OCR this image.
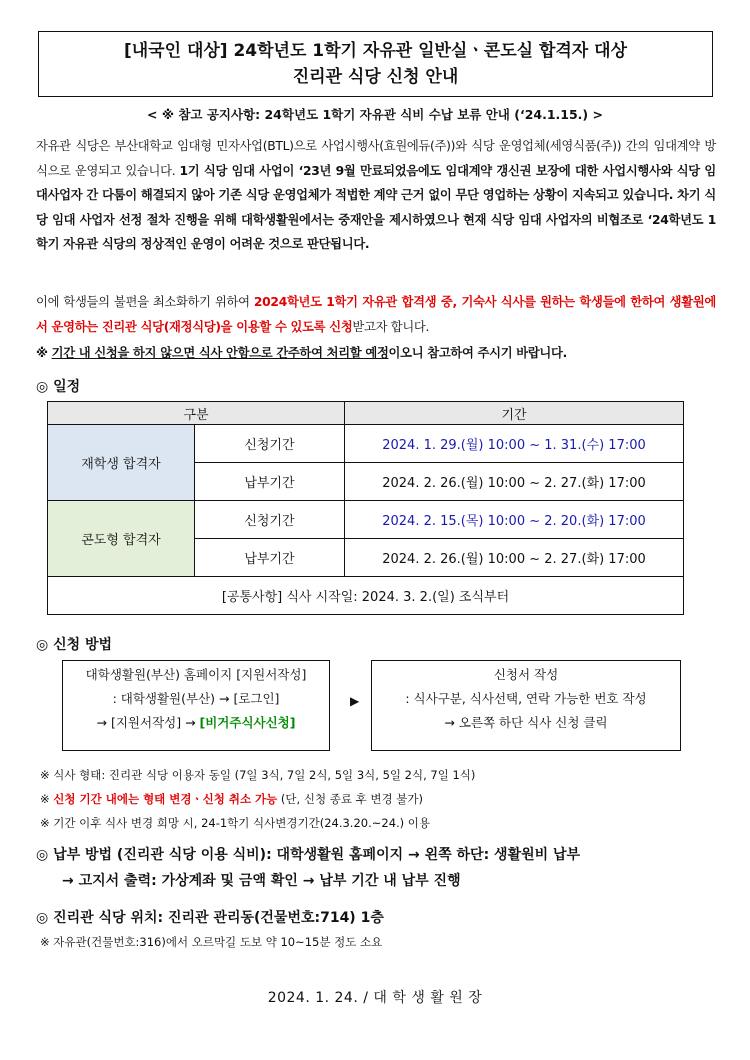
[내국인 대상] 24학년도 1학기 자유관 일반실ㆍ콘도실 합격자 대상
진리관 식당 신청 안내
< ※ 참고 공지사항: 24학년도 1학기 자유관 식비 수납 보류 안내 (‘24.1.15.) >
자유관 식당은 부산대학교 임대형 민자사업(BTL)으로 사업시행사(효원에듀(주))와 식당 운영업체(세영식품(주)) 간의 임대계약 방식으로 운영되고 있습니다. 1기 식당 임대 사업이 ‘23년 9월 만료되었음에도 임대계약 갱신권 보장에 대한 사업시행사와 식당 임대사업자 간 다툼이 해결되지 않아 기존 식당 운영업체가 적법한 계약 근거 없이 무단 영업하는 상황이 지속되고 있습니다. 차기 식당 임대 사업자 선정 절차 진행을 위해 대학생활원에서는 중재안을 제시하였으나 현재 식당 임대 사업자의 비협조로 ‘24학년도 1학기 자유관 식당의 정상적인 운영이 어려운 것으로 판단됩니다.
이에 학생들의 불편을 최소화하기 위하여 2024학년도 1학기 자유관 합격생 중, 기숙사 식사를 원하는 학생들에 한하여 생활원에서 운영하는 진리관 식당(재정식당)을 이용할 수 있도록 신청받고자 합니다.
※ 기간 내 신청을 하지 않으면 식사 안함으로 간주하여 처리할 예정이오니 참고하여 주시기 바랍니다.
◎ 일정
구분		기간
재학생 합격자	신청기간	2024. 1. 29.(월) 10:00 ~ 1. 31.(수) 17:00
	납부기간	2024. 2. 26.(월) 10:00 ~ 2. 27.(화) 17:00
콘도형 합격자	신청기간	2024. 2. 15.(목) 10:00 ~ 2. 20.(화) 17:00
	납부기간	2024. 2. 26.(월) 10:00 ~ 2. 27.(화) 17:00
[공통사항] 식사 시작일: 2024. 3. 2.(일) 조식부터		
◎ 신청 방법
대학생활원(부산) 홈페이지 [지원서작성]
: 대학생활원(부산) → [로그인]
→ [지원서작성] → [비거주식사신청]
▶
신청서 작성
: 식사구분, 식사선택, 연락 가능한 번호 작성
→ 오른쪽 하단 식사 신청 클릭
※ 식사 형태: 진리관 식당 이용자 동일 (7일 3식, 7일 2식, 5일 3식, 5일 2식, 7일 1식)
※ 신청 기간 내에는 형태 변경ㆍ신청 취소 가능 (단, 신청 종료 후 변경 불가)
※ 기간 이후 식사 변경 희망 시, 24-1학기 식사변경기간(24.3.20.~24.) 이용
◎ 납부 방법 (진리관 식당 이용 식비): 대학생활원 홈페이지 → 왼쪽 하단: 생활원비 납부
→ 고지서 출력: 가상계좌 및 금액 확인 → 납부 기간 내 납부 진행
◎ 진리관 식당 위치: 진리관 관리동(건물번호:714) 1층
※ 자유관(건물번호:316)에서 오르막길 도보 약 10~15분 정도 소요
2024. 1. 24. / 대 학 생 활 원 장
